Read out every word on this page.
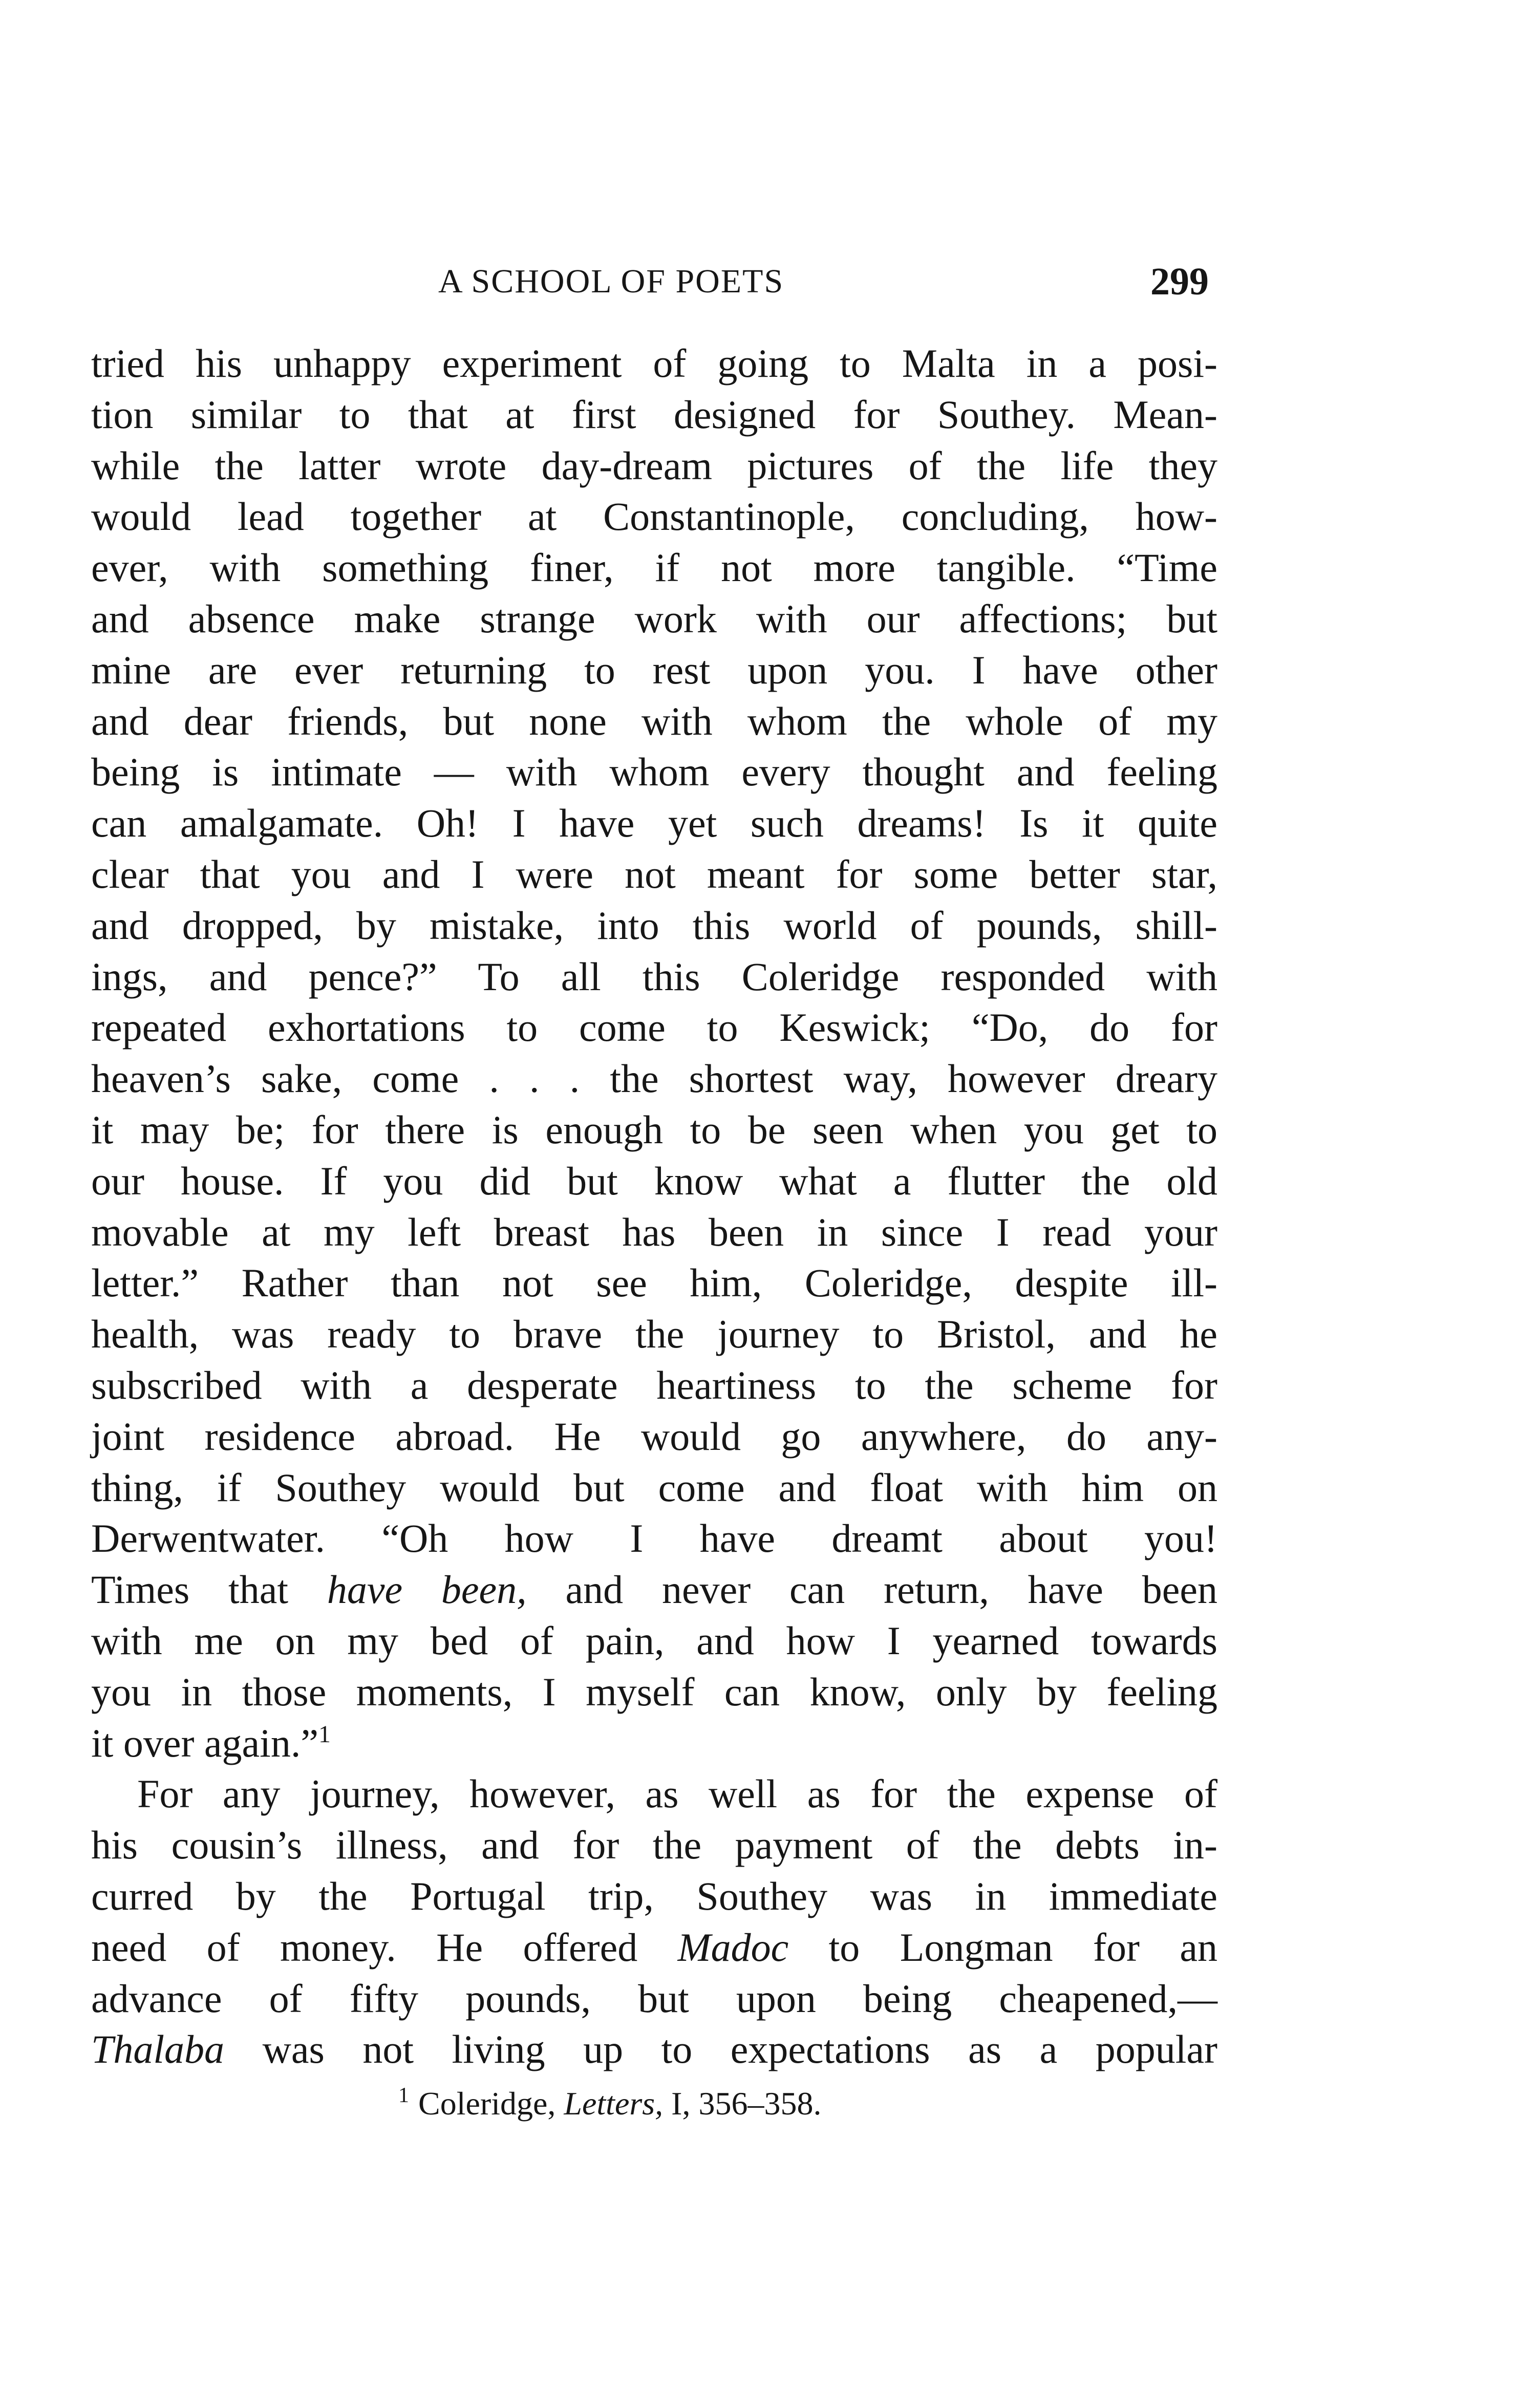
A SCHOOL OF POETS	299
tried his unhappy experiment of going to Malta in a posi-
tion similar to that at first designed for Southey. Mean-
while the latter wrote day-dream pictures of the life they
would lead together at Constantinople, concluding, how-
ever, with something finer, if not more tangible. “Time
and absence make strange work with our affections; but
mine are ever returning to rest upon you. I have other
and dear friends, but none with whom the whole of my
being is intimate — with whom every thought and feeling
can amalgamate. Oh! I have yet such dreams! Is it quite
clear that you and I were not meant for some better star,
and dropped, by mistake, into this world of pounds, shill-
ings, and pence?” To all this Coleridge responded with
repeated exhortations to come to Keswick; “Do, do for
heaven’s sake, come . . . the shortest way, however dreary
it may be; for there is enough to be seen when you get to
our house. If you did but know what a flutter the old
movable at my left breast has been in since I read your
letter.” Rather than not see him, Coleridge, despite ill-
health, was ready to brave the journey to Bristol, and he
subscribed with a desperate heartiness to the scheme for
joint residence abroad. He would go anywhere, do any-
thing, if Southey would but come and float with him on
Derwentwater. “Oh how I have dreamt about you!
Times that have been, and never can return, have been
with me on my bed of pain, and how I yearned towards
you in those moments, I myself can know, only by feeling
it over again.”$^1$
For any journey, however, as well as for the expense of
his cousin’s illness, and for the payment of the debts in-
curred by the Portugal trip, Southey was in immediate
need of money. He offered Madoc to Longman for an
advance of fifty pounds, but upon being cheapened,—
Thalaba was not living up to expectations as a popular
$^1$ Coleridge, Letters, I, 356–358.
